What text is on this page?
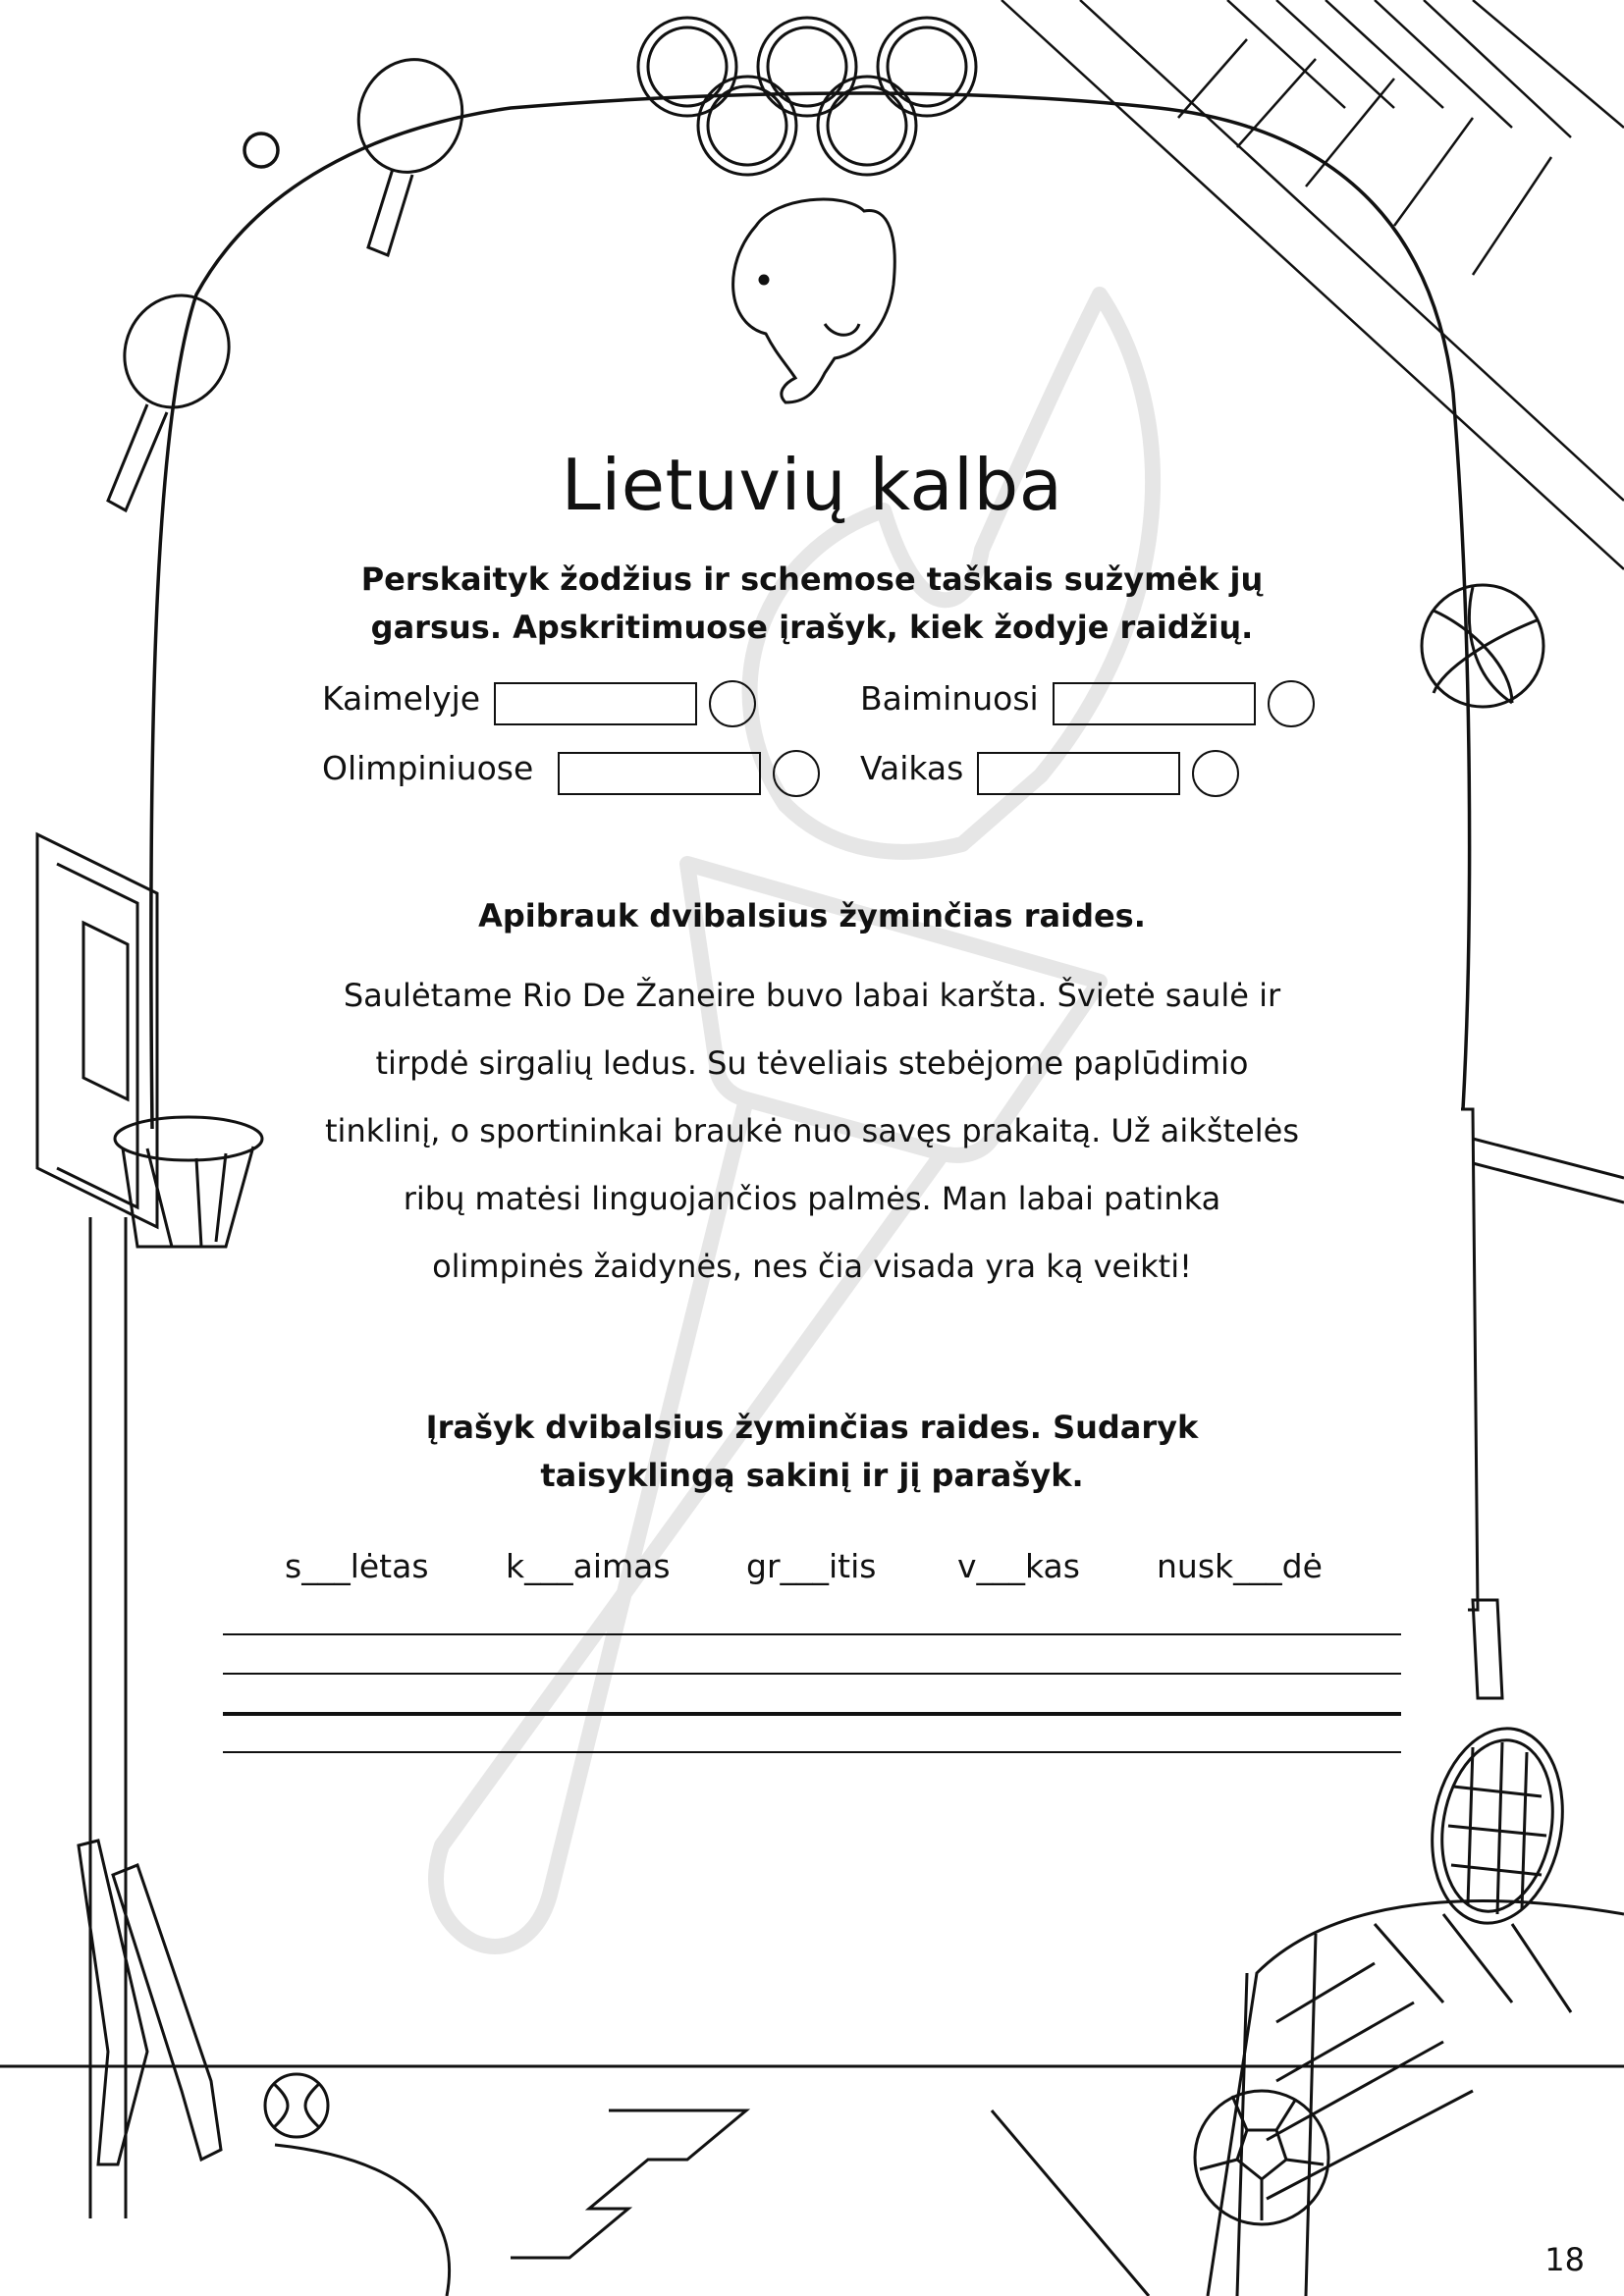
Lietuvių kalba
Perskaityk žodžius ir schemose taškais sužymėk jų
garsus. Apskritimuose įrašyk, kiek žodyje raidžių.
Kaimelyje	Baiminuosi
Olimpiniuose	Vaikas
Apibrauk dvibalsius žyminčias raides.
Saulėtame Rio De Žaneire buvo labai karšta. Švietė saulė ir
tirpdė sirgalių ledus. Su tėveliais stebėjome paplūdimio
tinklinį, o sportininkai braukė nuo savęs prakaitą. Už aikštelės
ribų matėsi linguojančios palmės. Man labai patinka
olimpinės žaidynės, nes čia visada yra ką veikti!
Įrašyk dvibalsius žyminčias raides. Sudaryk
taisyklingą sakinį ir jį parašyk.
s___lėtas k___aimas gr___itis	v___kas nusk___dė
18
